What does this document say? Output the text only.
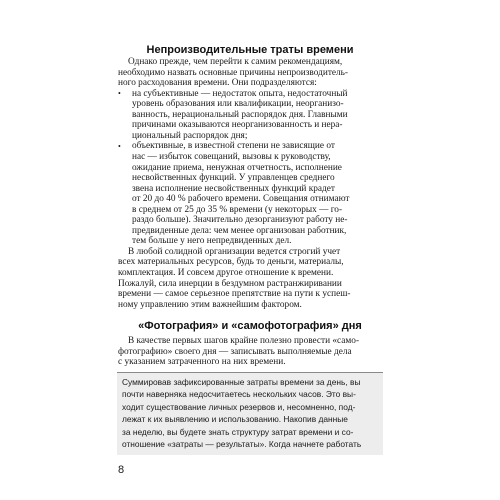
Непроизводительные траты времени
Однако прежде, чем перейти к самим рекомендациям,
необходимо назвать основные причины непроизводитель-
ного расходования времени. Они подразделяются:
• на субъективные — недостаток опыта, недостаточный
уровень образования или квалификации, неорганизо-
ванность, нерациональный распорядок дня. Главными
причинами оказываются неорганизованность и нера-
циональный распорядок дня;
• объективные, в известной степени не зависящие от
нас — избыток совещаний, вызовы к руководству,
ожидание приема, ненужная отчетность, исполнение
несвойственных функций. У управленцев среднего
звена исполнение несвойственных функций крадет
от 20 до 40 % рабочего времени. Совещания отнимают
в среднем от 25 до 35 % времени (у некоторых — го-
раздо больше). Значительно дезорганизуют работу не-
предвиденные дела: чем менее организован работник,
тем больше у него непредвиденных дел.
В любой солидной организации ведется строгий учет
всех материальных ресурсов, будь то деньги, материалы,
комплектация. И совсем другое отношение к времени.
Пожалуй, сила инерции в бездумном растранжиривании
времени — самое серьезное препятствие на пути к успеш-
ному управлению этим важнейшим фактором.
«Фотография» и «самофотография» дня
В качестве первых шагов крайне полезно провести «само-
фотографию» своего дня — записывать выполняемые дела
с указанием затраченного на них времени.
Суммировав зафиксированные затраты времени за день, вы
почти наверняка недосчитаетесь нескольких часов. Это вы-
ходит существование личных резервов и, несомненно, под-
лежат к их выявлению и использованию. Накопив данные
за неделю, вы будете знать структуру затрат времени и со-
отношение «затраты — результаты». Когда начнете работать
8
